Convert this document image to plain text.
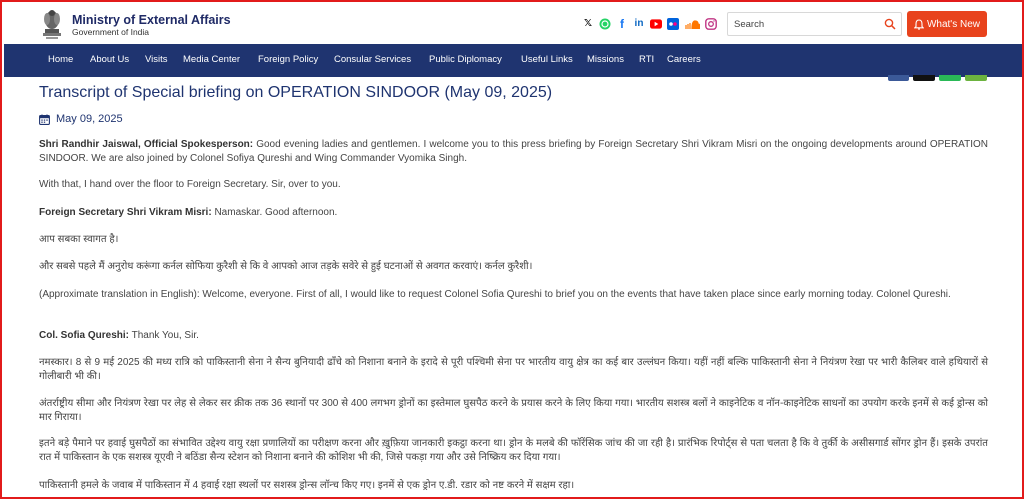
Ministry of External Affairs
Government of India
𝕏	f	in
Search	What's New
Home About Us Visits Media Center Foreign Policy Consular Services Public Diplomacy Useful Links Missions RTI Careers
Transcript of Special briefing on OPERATION SINDOOR (May 09, 2025)
May 09, 2025

Shri Randhir Jaiswal, Official Spokesperson: Good evening ladies and gentlemen. I welcome you to this press briefing by Foreign Secretary Shri Vikram Misri on the ongoing developments around OPERATION SINDOOR. We are also joined by Colonel Sofiya Qureshi and Wing Commander Vyomika Singh.

With that, I hand over the floor to Foreign Secretary. Sir, over to you.

Foreign Secretary Shri Vikram Misri: Namaskar. Good afternoon.

आप सबका स्वागत है।

और सबसे पहले मैं अनुरोध करूंगा कर्नल सोफिया कुरैशी से कि वे आपको आज तड़के सवेरे से हुई घटनाओं से अवगत करवाएं। कर्नल कुरैशी।

(Approximate translation in English): Welcome, everyone. First of all, I would like to request Colonel Sofia Qureshi to brief you on the events that have taken place since early morning today. Colonel Qureshi.

Col. Sofia Qureshi: Thank You, Sir.

नमस्कार। 8 से 9 मई 2025 की मध्य रात्रि को पाकिस्तानी सेना ने सैन्य बुनियादी ढाँचे को निशाना बनाने के इरादे से पूरी पश्चिमी सेना पर भारतीय वायु क्षेत्र का कई बार उल्लंघन किया। यहीं नहीं बल्कि पाकिस्तानी सेना ने नियंत्रण रेखा पर भारी कैलिबर वाले हथियारों से गोलीबारी भी की।

अंतर्राष्ट्रीय सीमा और नियंत्रण रेखा पर लेह से लेकर सर क्रीक तक 36 स्थानों पर 300 से 400 लगभग ड्रोनों का इस्तेमाल घुसपैठ करने के प्रयास करने के लिए किया गया। भारतीय सशस्त्र बलों ने काइनेटिक व नॉन-काइनेटिक साधनों का उपयोग करके इनमें से कई ड्रोन्स को मार गिराया।

इतने बड़े पैमाने पर हवाई घुसपैठों का संभावित उद्देश्य वायु रक्षा प्रणालियों का परीक्षण करना और ख़ुफ़िया जानकारी इकट्ठा करना था। ड्रोन के मलबे की फॉरेंसिक जांच की जा रही है। प्रारंभिक रिपोर्ट्स से पता चलता है कि वे तुर्की के असीसगार्ड सोंगर ड्रोन हैं। इसके उपरांत रात में पाकिस्तान के एक सशस्त्र यूएवी ने बठिंडा सैन्य स्टेशन को निशाना बनाने की कोशिश भी की, जिसे पकड़ा गया और उसे निष्क्रिय कर दिया गया।

पाकिस्तानी हमले के जवाब में पाकिस्तान में 4 हवाई रक्षा स्थलों पर सशस्त्र ड्रोन्स लॉन्च किए गए। इनमें से एक ड्रोन ए.डी. रडार को नष्ट करने में सक्षम रहा।
